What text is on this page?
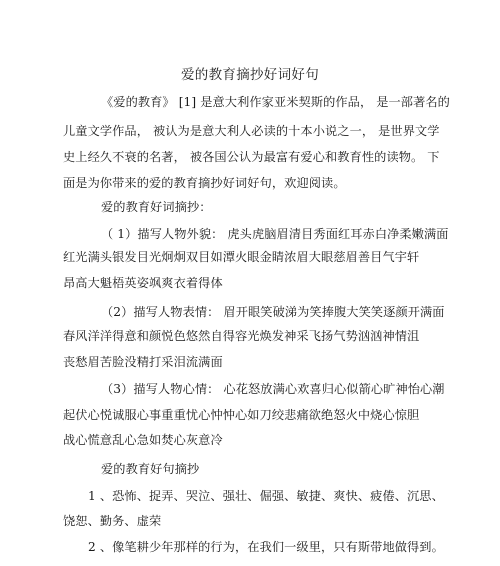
爱的教育摘抄好词好句
《爱的教育》 [1] 是意大利作家亚米契斯的作品， 是一部著名的
儿童文学作品， 被认为是意大利人必读的十本小说之一， 是世界文学
史上经久不衰的名著， 被各国公认为最富有爱心和教育性的读物。 下
面是为你带来的爱的教育摘抄好词好句，欢迎阅读。
爱的教育好词摘抄：
（ 1）描写人物外貌： 虎头虎脑眉清目秀面红耳赤白净柔嫩满面
红光满头银发目光炯炯双目如潭火眼金睛浓眉大眼慈眉善目气宇轩
昂高大魁梧英姿飒爽衣着得体
（2）描写人物表情： 眉开眼笑破涕为笑捧腹大笑笑逐颜开满面
春风洋洋得意和颜悦色悠然自得容光焕发神采飞扬气势汹汹神情沮
丧愁眉苦脸没精打采泪流满面
（3）描写人物心情： 心花怒放满心欢喜归心似箭心旷神怡心潮
起伏心悦诚服心事重重忧心忡忡心如刀绞悲痛欲绝怒火中烧心惊胆
战心慌意乱心急如焚心灰意冷
爱的教育好句摘抄
1 、恐怖、捉弄、哭泣、强壮、倔强、敏捷、爽快、疲倦、沉思、
饶恕、勤务、虚荣
2 、像笔耕少年那样的行为，在我们一级里，只有斯带地做得到。
